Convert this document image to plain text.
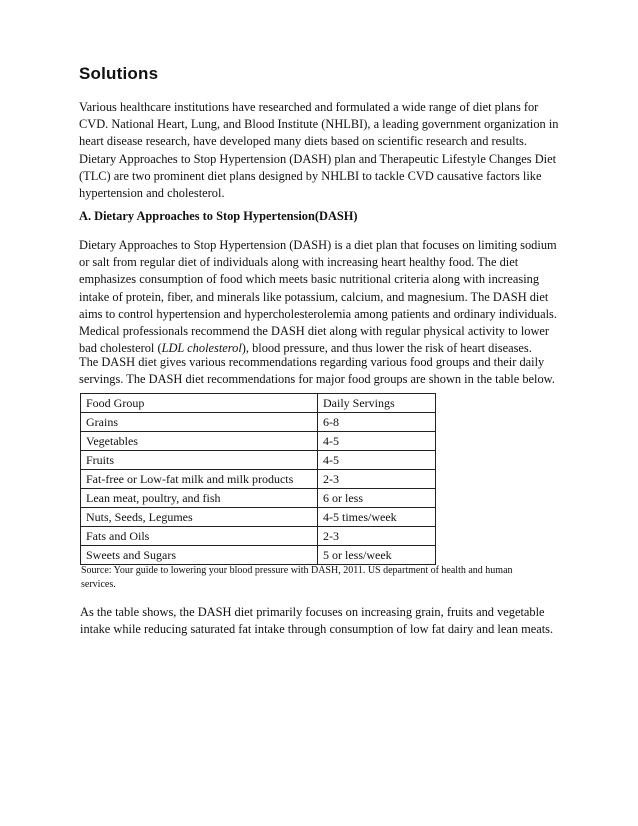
Solutions

Various healthcare institutions have researched and formulated a wide range of diet plans for
CVD. National Heart, Lung, and Blood Institute (NHLBI), a leading government organization in
heart disease research, have developed many diets based on scientific research and results.
Dietary Approaches to Stop Hypertension (DASH) plan and Therapeutic Lifestyle Changes Diet
(TLC) are two prominent diet plans designed by NHLBI to tackle CVD causative factors like
hypertension and cholesterol.

A. Dietary Approaches to Stop Hypertension(DASH)

Dietary Approaches to Stop Hypertension (DASH) is a diet plan that focuses on limiting sodium
or salt from regular diet of individuals along with increasing heart healthy food. The diet
emphasizes consumption of food which meets basic nutritional criteria along with increasing
intake of protein, fiber, and minerals like potassium, calcium, and magnesium. The DASH diet
aims to control hypertension and hypercholesterolemia among patients and ordinary individuals.
Medical professionals recommend the DASH diet along with regular physical activity to lower
bad cholesterol (LDL cholesterol), blood pressure, and thus lower the risk of heart diseases.

The DASH diet gives various recommendations regarding various food groups and their daily
servings. The DASH diet recommendations for major food groups are shown in the table below.

Food Group	Daily Servings
Grains	6-8
Vegetables	4-5
Fruits	4-5
Fat-free or Low-fat milk and milk products	2-3
Lean meat, poultry, and fish	6 or less
Nuts, Seeds, Legumes	4-5 times/week
Fats and Oils	2-3
Sweets and Sugars	5 or less/week

Source: Your guide to lowering your blood pressure with DASH, 2011. US department of health and human
services.

As the table shows, the DASH diet primarily focuses on increasing grain, fruits and vegetable
intake while reducing saturated fat intake through consumption of low fat dairy and lean meats.
